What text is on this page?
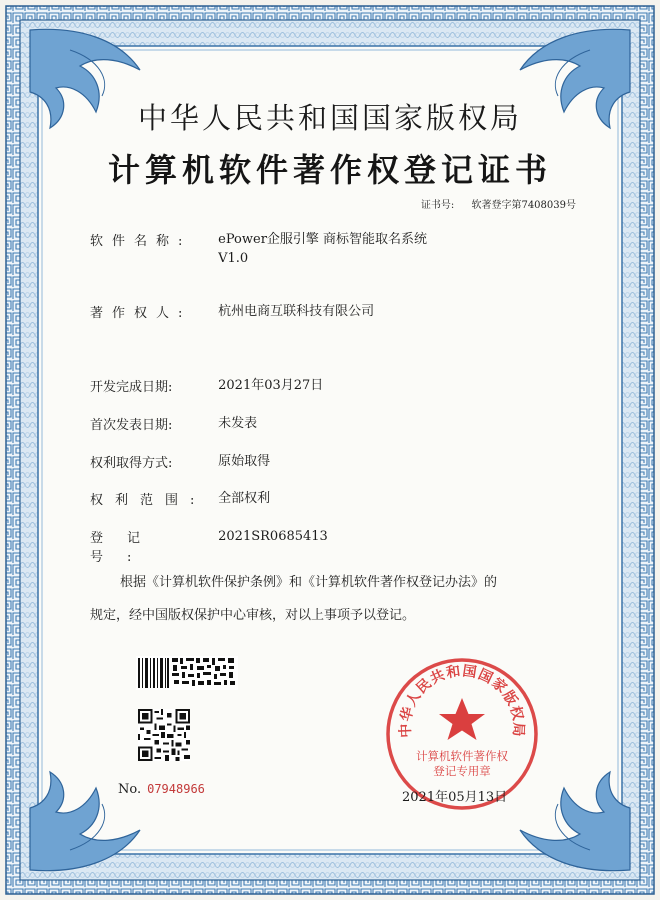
中华人民共和国国家版权局
计算机软件著作权登记证书
证书号: 软著登字第7408039号
软件名称: ePower企服引擎 商标智能取名系统
V1.0
著作权人: 杭州电商互联科技有限公司
开发完成日期:	2021年03月27日
首次发表日期:	未发表
权利取得方式:	原始取得
权利范围: 全部权利
登记号: 2021SR0685413
根据《计算机软件保护条例》和《计算机软件著作权登记办法》的
规定，经中国版权保护中心审核，对以上事项予以登记。
No. 07948966
中华人民共和国国家版权局
计算机软件著作权
登记专用章
2021年05月13日
